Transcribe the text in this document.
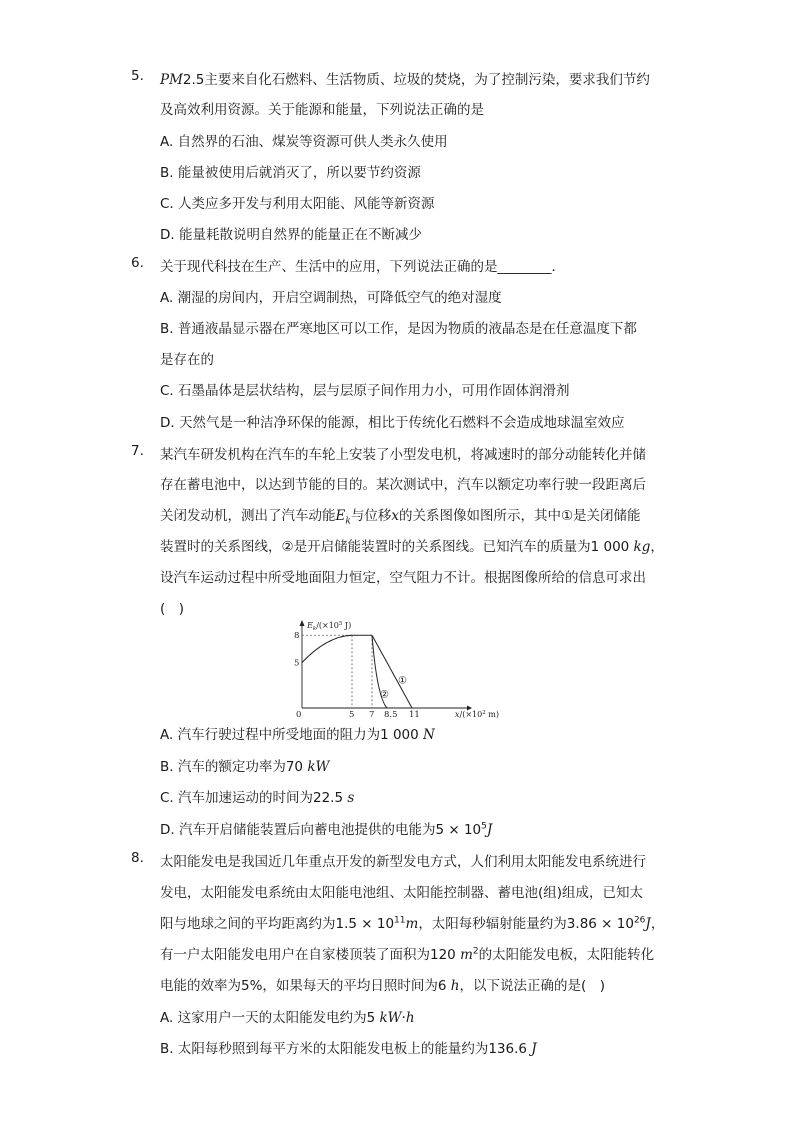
5. PM2.5主要来自化石燃料、生活物质、垃圾的焚烧，为了控制污染，要求我们节约
及高效利用资源。关于能源和能量，下列说法正确的是
A. 自然界的石油、煤炭等资源可供人类永久使用
B. 能量被使用后就消灭了，所以要节约资源
C. 人类应多开发与利用太阳能、风能等新资源
D. 能量耗散说明自然界的能量正在不断减少
6. 关于现代科技在生产、生活中的应用，下列说法正确的是________．
A. 潮湿的房间内，开启空调制热，可降低空气的绝对湿度
B. 普通液晶显示器在严寒地区可以工作，是因为物质的液晶态是在任意温度下都
是存在的
C. 石墨晶体是层状结构，层与层原子间作用力小，可用作固体润滑剂
D. 天然气是一种洁净环保的能源，相比于传统化石燃料不会造成地球温室效应
7. 某汽车研发机构在汽车的车轮上安装了小型发电机，将减速时的部分动能转化并储
存在蓄电池中，以达到节能的目的。某次测试中，汽车以额定功率行驶一段距离后
关闭发动机，测出了汽车动能$E_k$与位移x的关系图像如图所示，其中①是关闭储能
装置时的关系图线，②是开启储能装置时的关系图线。已知汽车的质量为1 000 kg，
设汽车运动过程中所受地面阻力恒定，空气阻力不计。根据图像所给的信息可求出
(　)
0	5 7 8.5 11
8
5
$E_k/(\times 10^5$ J)
$x/(\times 10^2$ m)
①
②
A. 汽车行驶过程中所受地面的阻力为1 000 N
B. 汽车的额定功率为70 kW
C. 汽车加速运动的时间为22.5 s
D. 汽车开启储能装置后向蓄电池提供的电能为$5 \times 10^5J$
8. 太阳能发电是我国近几年重点开发的新型发电方式，人们利用太阳能发电系统进行
发电，太阳能发电系统由太阳能电池组、太阳能控制器、蓄电池(组)组成，已知太
阳与地球之间的平均距离约为$1.5 \times 10^{11}m$，太阳每秒辐射能量约为$3.86 \times 10^{26}J$，
有一户太阳能发电用户在自家楼顶装了面积为120 $m^2$的太阳能发电板，太阳能转化
电能的效率为5%，如果每天的平均日照时间为6 h，以下说法正确的是(　)
A. 这家用户一天的太阳能发电约为5 kW·h
B. 太阳每秒照到每平方米的太阳能发电板上的能量约为136.6 J
